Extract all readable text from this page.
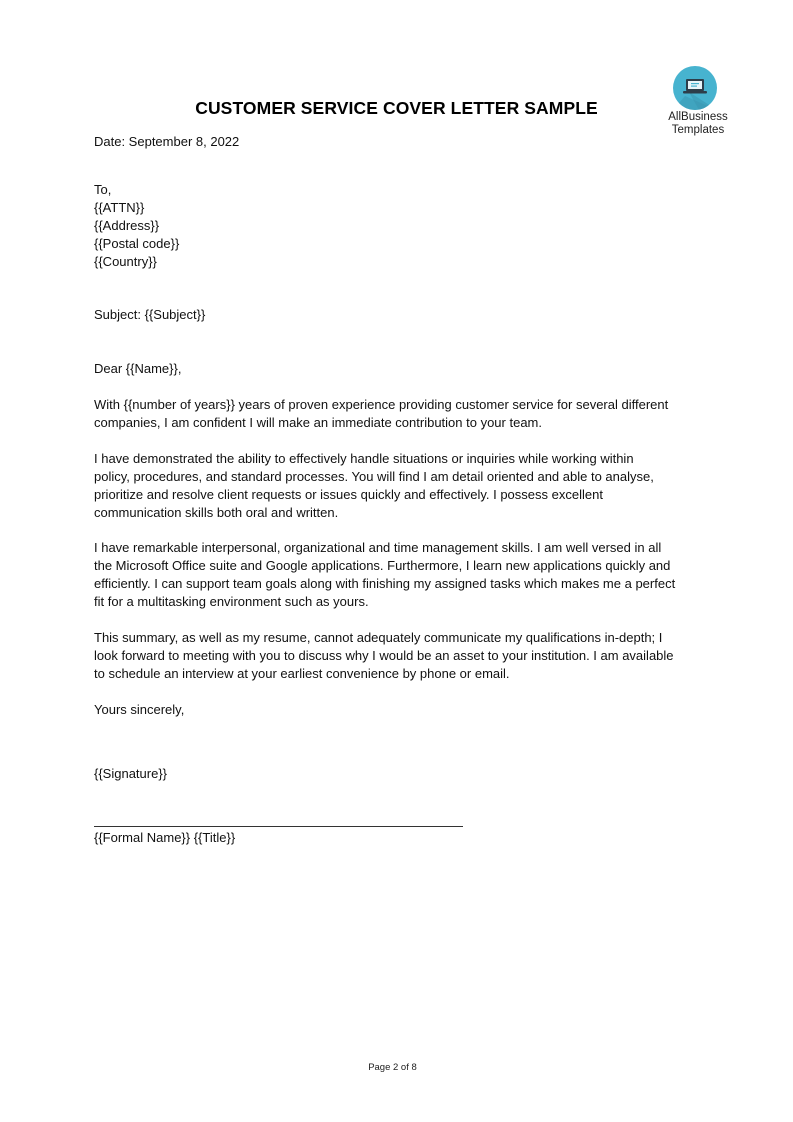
AllBusiness
Templates
CUSTOMER SERVICE COVER LETTER SAMPLE

Date: September 8, 2022

To,

{{ATTN}}

{{Address}}

{{Postal code}}

{{Country}}

Subject: {{Subject}}

Dear {{Name}},

With {{number of years}} years of proven experience providing customer service for several different
companies, I am confident I will make an immediate contribution to your team.
I have demonstrated the ability to effectively handle situations or inquiries while working within
policy, procedures, and standard processes. You will find I am detail oriented and able to analyse,
prioritize and resolve client requests or issues quickly and effectively. I possess excellent
communication skills both oral and written.
I have remarkable interpersonal, organizational and time management skills. I am well versed in all
the Microsoft Office suite and Google applications. Furthermore, I learn new applications quickly and
efficiently. I can support team goals along with finishing my assigned tasks which makes me a perfect
fit for a multitasking environment such as yours.
This summary, as well as my resume, cannot adequately communicate my qualifications in-depth; I
look forward to meeting with you to discuss why I would be an asset to your institution. I am available
to schedule an interview at your earliest convenience by phone or email.

Yours sincerely,

{{Signature}}

{{Formal Name}} {{Title}}

Page 2 of 8
